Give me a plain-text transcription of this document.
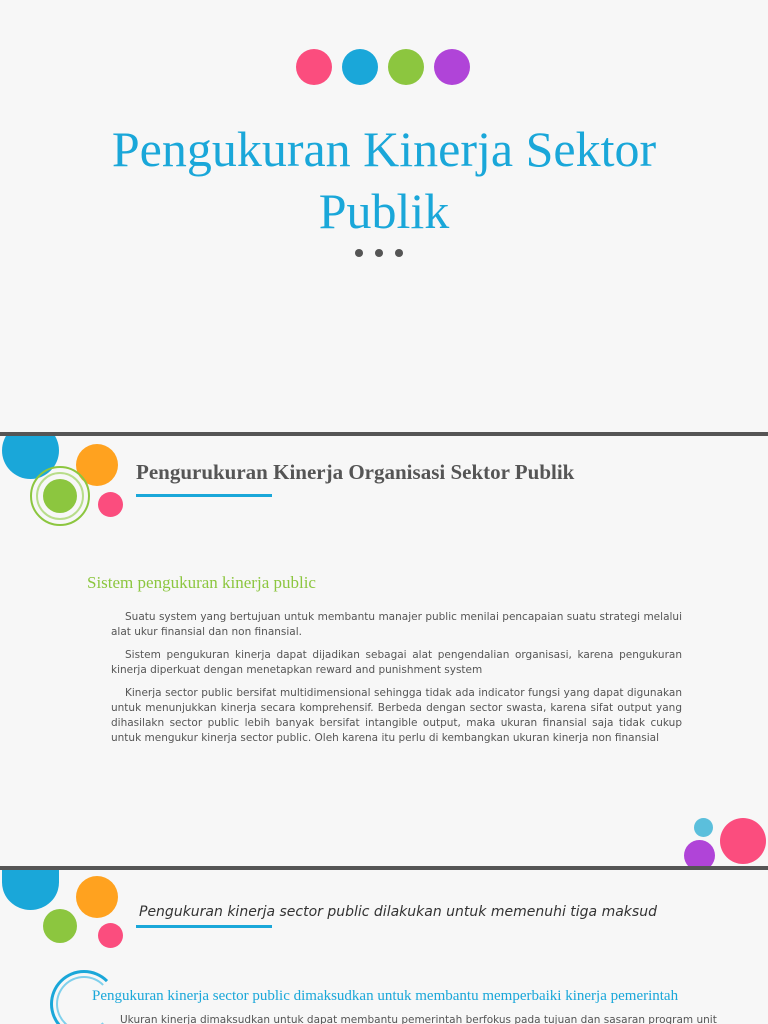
Pengukuran Kinerja Sektor
Publik
Pengurukuran Kinerja Organisasi Sektor Publik
Sistem pengukuran kinerja public

Suatu system yang bertujuan untuk membantu manajer public menilai pencapaian suatu strategi melalui alat ukur finansial dan non finansial.

Sistem pengukuran kinerja dapat dijadikan sebagai alat pengendalian organisasi, karena pengukuran kinerja diperkuat dengan menetapkan reward and punishment system

Kinerja sector public bersifat multidimensional sehingga tidak ada indicator fungsi yang dapat digunakan untuk menunjukkan kinerja secara komprehensif. Berbeda dengan sector swasta, karena sifat output yang dihasilakn sector public lebih banyak bersifat intangible output, maka ukuran finansial saja tidak cukup untuk mengukur kinerja sector public. Oleh karena itu perlu di kembangkan ukuran kinerja non finansial

Pengukuran kinerja sector public dilakukan untuk memenuhi tiga maksud
Pengukuran kinerja sector public dimaksudkan untuk membantu memperbaiki kinerja pemerintah
Ukuran kinerja dimaksudkan untuk dapat membantu pemerintah berfokus pada tujuan dan sasaran program unit
